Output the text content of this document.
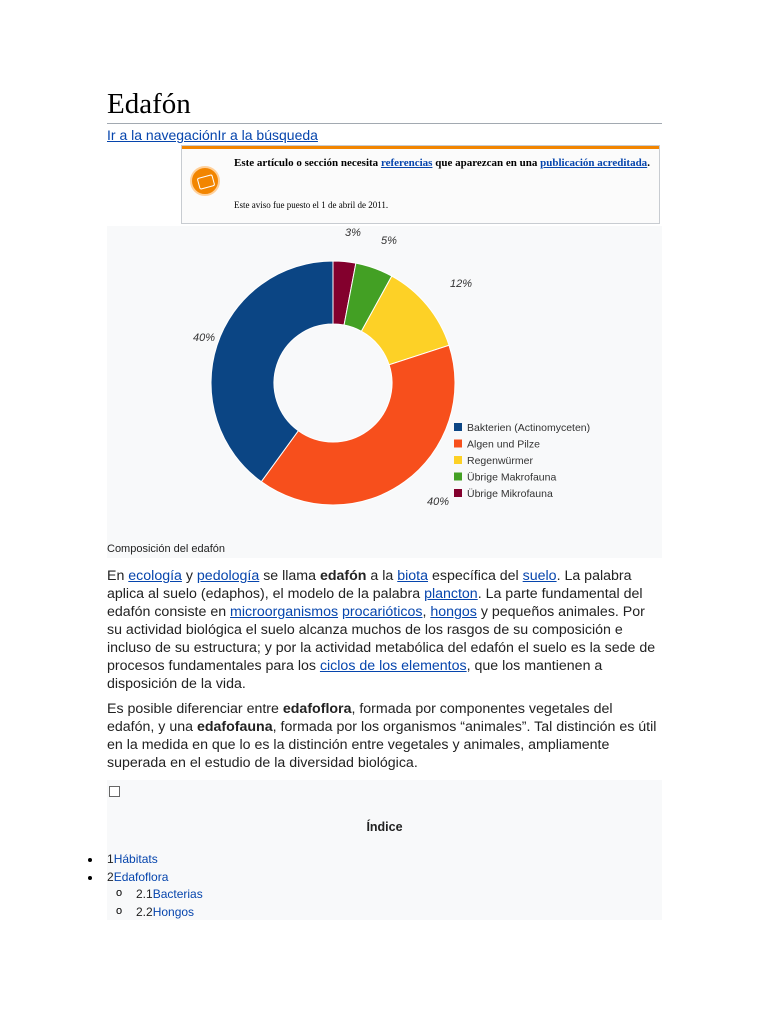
Edafón
Ir a la navegaciónIr a la búsqueda
Este artículo o sección necesita referencias que aparezcan en una publicación acreditada.
Este aviso fue puesto el 1 de abril de 2011.
3%
5%
12%
40%
40%
Bakterien (Actinomyceten)
Algen und Pilze
Regenwürmer
Übrige Makrofauna
Übrige Mikrofauna
Composición del edafón

En ecología y pedología se llama edafón a la biota específica del suelo. La palabra aplica al suelo (edaphos), el modelo de la palabra plancton. La parte fundamental del edafón consiste en microorganismos procarióticos, hongos y pequeños animales. Por su actividad biológica el suelo alcanza muchos de los rasgos de su composición e incluso de su estructura; y por la actividad metabólica del edafón el suelo es la sede de procesos fundamentales para los ciclos de los elementos, que los mantienen a disposición de la vida.

Es posible diferenciar entre edafoflora, formada por componentes vegetales del edafón, y una edafofauna, formada por los organismos “animales”. Tal distinción es útil en la medida en que lo es la distinción entre vegetales y animales, ampliamente superada en el estudio de la diversidad biológica.

Índice
1Hábitats
2Edafoflora
o 2.1Bacterias
o 2.2Hongos
